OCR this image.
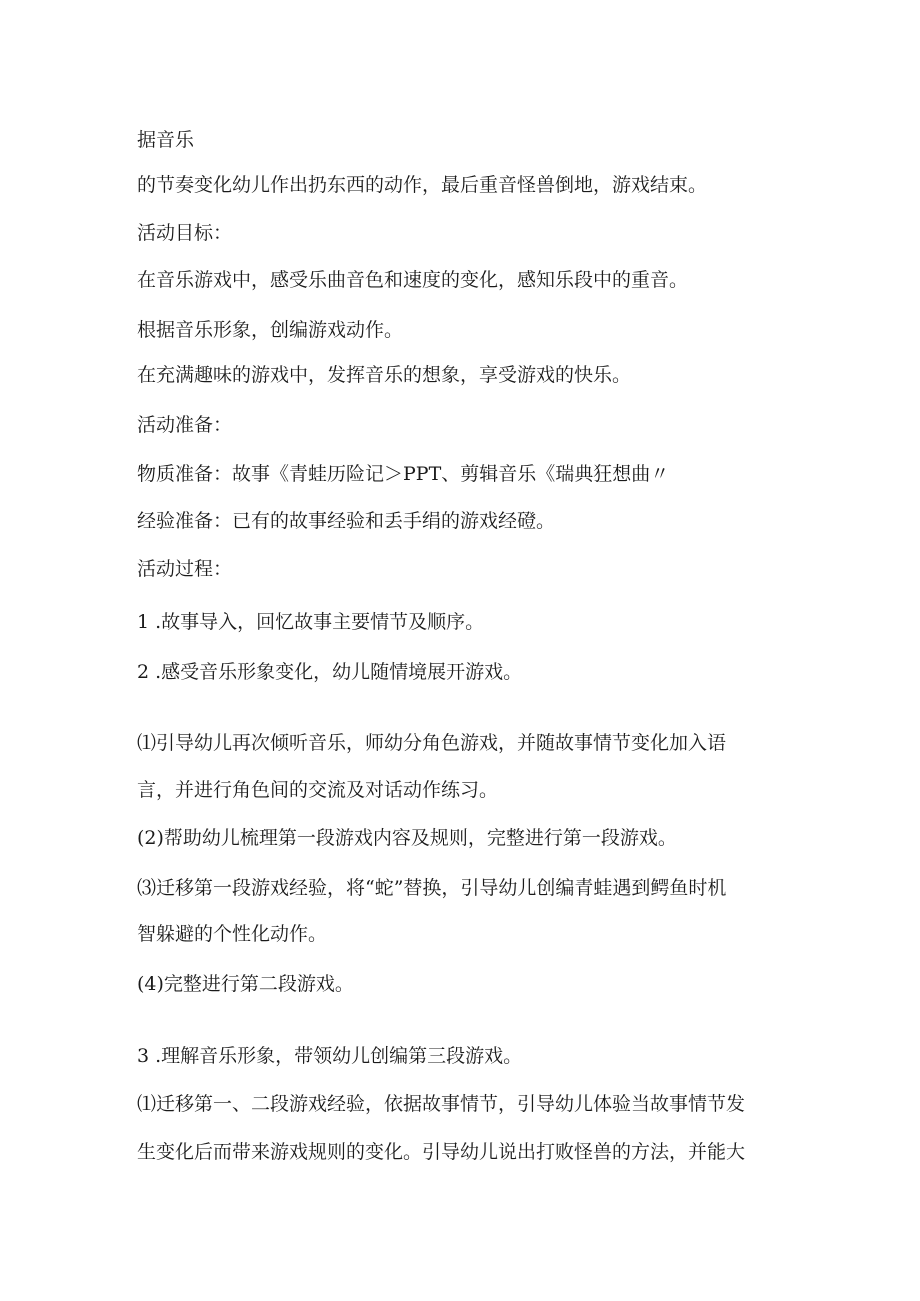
据音乐

的节奏变化幼儿作出扔东西的动作，最后重音怪兽倒地，游戏结束。

活动目标：

在音乐游戏中，感受乐曲音色和速度的变化，感知乐段中的重音。

根据音乐形象，创编游戏动作。

在充满趣味的游戏中，发挥音乐的想象，享受游戏的快乐。

活动准备：

物质准备：故事《青蛙历险记＞PPT、剪辑音乐《瑞典狂想曲〃

经验准备：已有的故事经验和丢手绢的游戏经磴。

活动过程：

1 .故事导入，回忆故事主要情节及顺序。

2 .感受音乐形象变化，幼儿随情境展开游戏。

⑴引导幼儿再次倾听音乐，师幼分角色游戏，并随故事情节变化加入语

言，并进行角色间的交流及对话动作练习。

(2)帮助幼儿梳理第一段游戏内容及规则，完整进行第一段游戏。

⑶迁移第一段游戏经验，将“蛇”替换，引导幼儿创编青蛙遇到鳄鱼时机

智躲避的个性化动作。

(4)完整进行第二段游戏。

3 .理解音乐形象，带领幼儿创编第三段游戏。

⑴迁移第一、二段游戏经验，依据故事情节，引导幼儿体验当故事情节发

生变化后而带来游戏规则的变化。引导幼儿说出打败怪兽的方法，并能大
